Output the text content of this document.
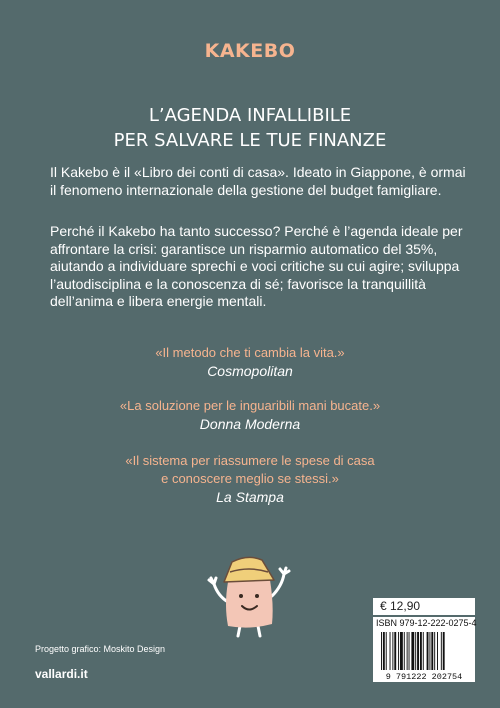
KAKEBO
L’AGENDA INFALLIBILE
PER SALVARE LE TUE FINANZE
Il Kakebo è il «Libro dei conti di casa». Ideato in Giappone, è ormai
il fenomeno internazionale della gestione del budget famigliare.
Perché il Kakebo ha tanto successo? Perché è l’agenda ideale per
affrontare la crisi: garantisce un risparmio automatico del 35%,
aiutando a individuare sprechi e voci critiche su cui agire; sviluppa
l’autodisciplina e la conoscenza di sé; favorisce la tranquillità
dell’anima e libera energie mentali.
«Il metodo che ti cambia la vita.»
Cosmopolitan
«La soluzione per le inguaribili mani bucate.»
Donna Moderna
«Il sistema per riassumere le spese di casa
e conoscere meglio se stessi.»
La Stampa
€ 12,90
ISBN 979-12-222-0275-4
9 791222 202754
Progetto grafico: Moskito Design
vallardi.it
